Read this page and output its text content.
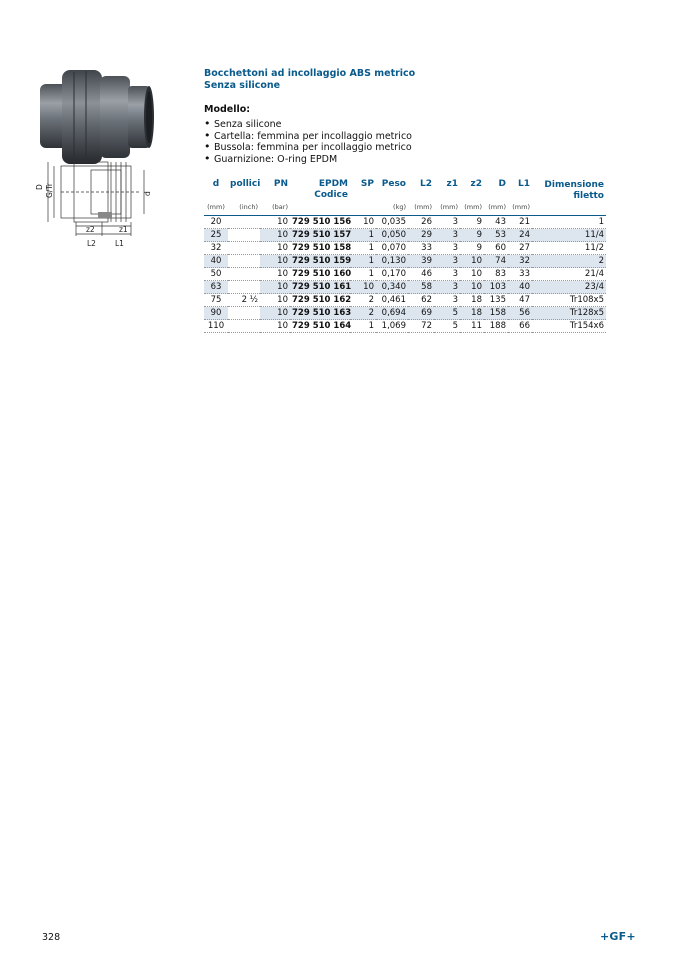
D G/Tr	d
z2	z1
L2	L1

Bocchettoni ad incollaggio ABS metrico

Senza silicone

Modello:
• Senza silicone
• Cartella: femmina per incollaggio metrico
• Bussola: femmina per incollaggio metrico
• Guarnizione: O-ring EPDM
d	pollici	PN	EPDM	SP	Peso	L2	z1	z2	D	L1	Dimensione
			Codice								filetto
(mm)	(inch)	(bar)			(kg)	(mm)	(mm)	(mm)	(mm)	(mm)	
20		10	729 510 156	10	0,035	26	3	9	43	21	1
25		10	729 510 157	1	0,050	29	3	9	53	24	11/4
32		10	729 510 158	1	0,070	33	3	9	60	27	11/2
40		10	729 510 159	1	0,130	39	3	10	74	32	2
50		10	729 510 160	1	0,170	46	3	10	83	33	21/4
63		10	729 510 161	10	0,340	58	3	10	103	40	23/4
75	2 ½	10	729 510 162	2	0,461	62	3	18	135	47	Tr108x5
90		10	729 510 163	2	0,694	69	5	18	158	56	Tr128x5
110		10	729 510 164	1	1,069	72	5	11	188	66	Tr154x6
328	+GF+
